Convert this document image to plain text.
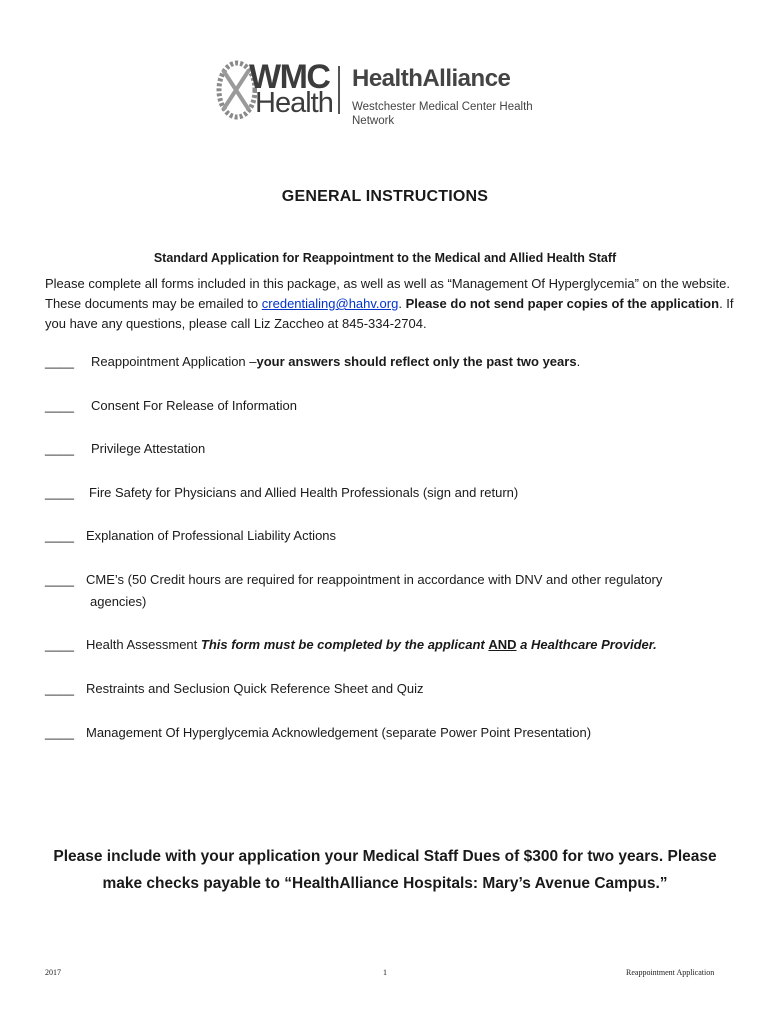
WMC
Health
HealthAlliance
Westchester Medical Center Health Network
GENERAL INSTRUCTIONS
Standard Application for Reappointment to the Medical and Allied Health Staff
Please complete all forms included in this package, as well as well as “Management Of Hyperglycemia” on the website. These documents may be emailed to credentialing@hahv.org. Please do not send paper copies of the application. If you have any questions, please call Liz Zaccheo at 845-334-2704.
____	Reappointment Application –your answers should reflect only the past two years.
____	Consent For Release of Information
____	Privilege Attestation
____	Fire Safety for Physicians and Allied Health Professionals (sign and return)
____ Explanation of Professional Liability Actions
____ CME’s (50 Credit hours are required for reappointment in accordance with DNV and other regulatory
agencies)
____ Health Assessment This form must be completed by the applicant AND a Healthcare Provider.
____ Restraints and Seclusion Quick Reference Sheet and Quiz
____ Management Of Hyperglycemia Acknowledgement (separate Power Point Presentation)
Please include with your application your Medical Staff Dues of $300 for two years. Please
make checks payable to “HealthAlliance Hospitals: Mary’s Avenue Campus.”
2017	1	Reappointment Application
